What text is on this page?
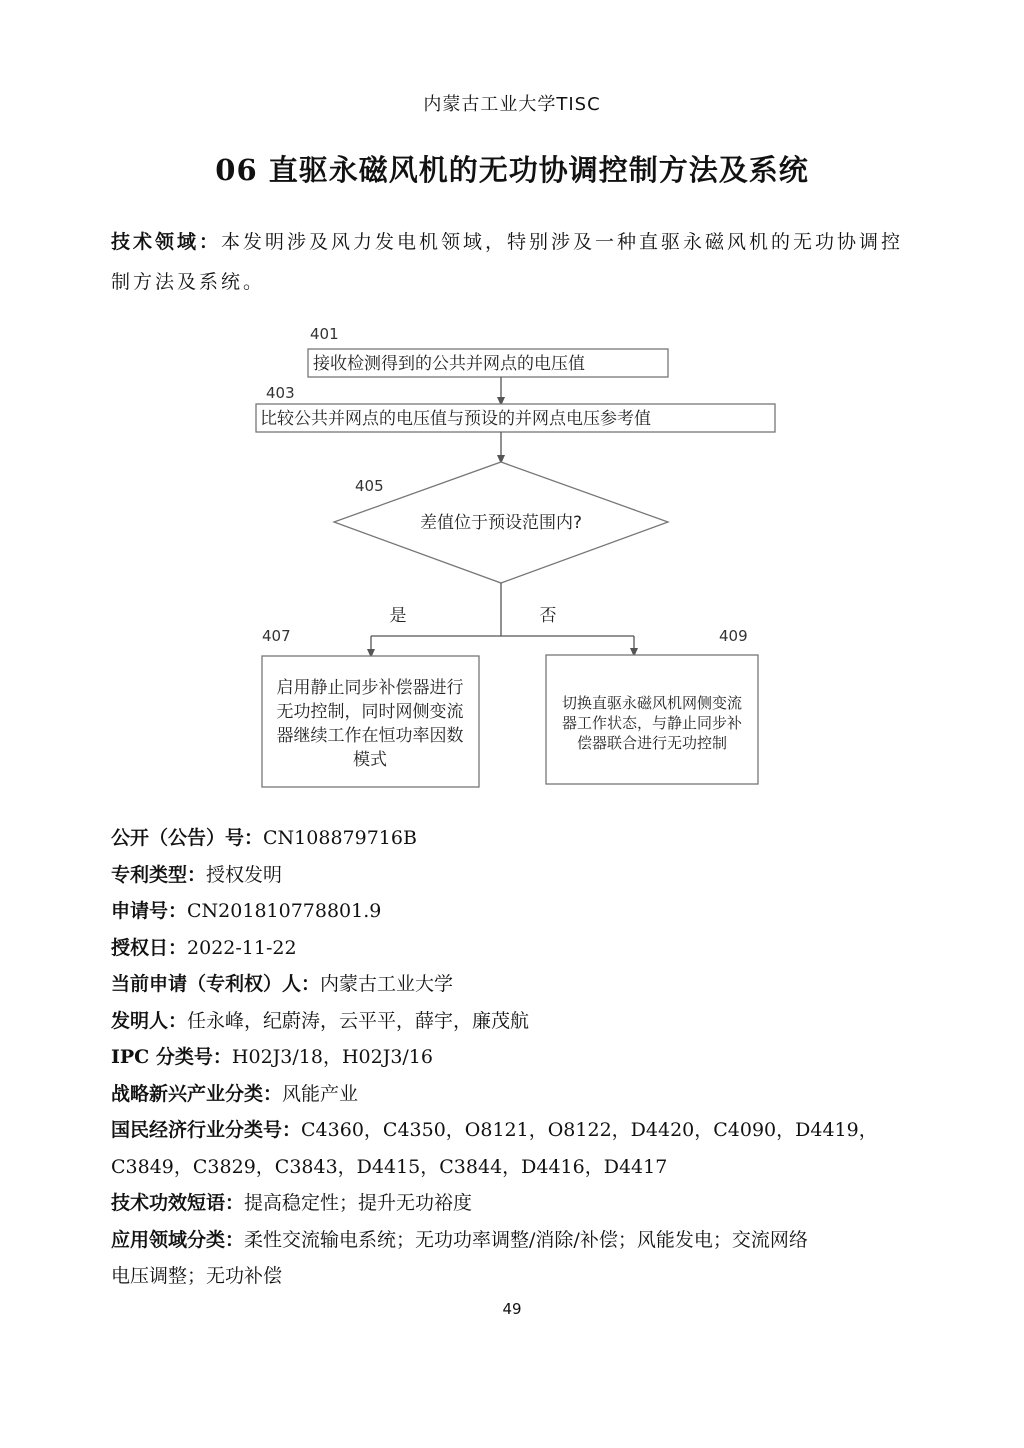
内蒙古工业大学TISC
06 直驱永磁风机的无功协调控制方法及系统
技术领域：本发明涉及风力发电机领域，特别涉及一种直驱永磁风机的无功协调控制方法及系统。
401
接收检测得到的公共并网点的电压值
403
比较公共并网点的电压值与预设的并网点电压参考值
405
差值位于预设范围内?
是	否
407
启用静止同步补偿器进行
无功控制，同时网侧变流
器继续工作在恒功率因数
模式
409
切换直驱永磁风机网侧变流
器工作状态，与静止同步补
偿器联合进行无功控制
公开（公告）号：CN108879716B
专利类型：授权发明
申请号：CN201810778801.9
授权日：2022-11-22
当前申请（专利权）人：内蒙古工业大学
发明人：任永峰，纪蔚涛，云平平，薛宇，廉茂航
IPC 分类号：H02J3/18，H02J3/16
战略新兴产业分类：风能产业
国民经济行业分类号：C4360，C4350，O8121，O8122，D4420，C4090，D4419，
C3849，C3829，C3843，D4415，C3844，D4416，D4417
技术功效短语：提高稳定性；提升无功裕度
应用领域分类：柔性交流输电系统；无功功率调整/消除/补偿；风能发电；交流网络
电压调整；无功补偿
49
